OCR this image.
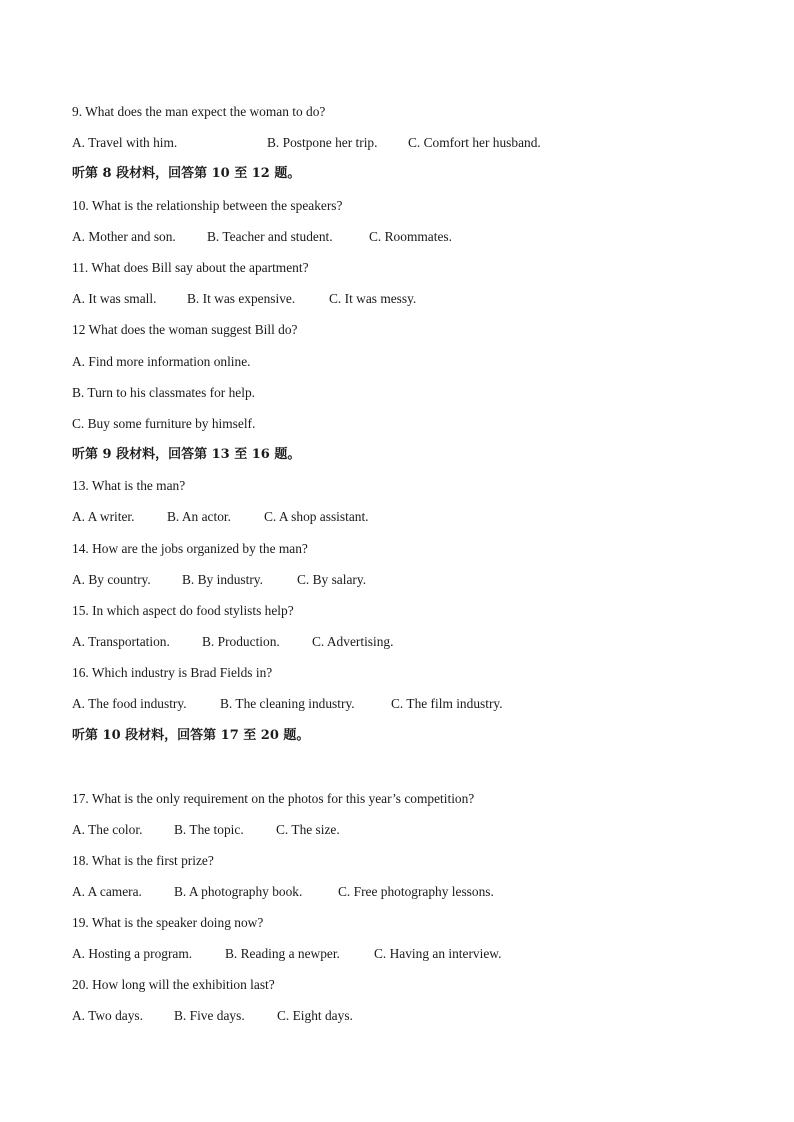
9. What does the man expect the woman to do?
A. Travel with him.	B. Postpone her trip. C. Comfort her husband.
听第 8 段材料，回答第 10 至 12 题。
10. What is the relationship between the speakers?
A. Mother and son. B. Teacher and student.	C. Roommates.
11. What does Bill say about the apartment?
A. It was small. B. It was expensive.	C. It was messy.
12 What does the woman suggest Bill do?
A. Find more information online.
B. Turn to his classmates for help.
C. Buy some furniture by himself.
听第 9 段材料，回答第 13 至 16 题。
13. What is the man?
A. A writer. B. An actor. C. A shop assistant.
14. How are the jobs organized by the man?
A. By country. B. By industry.	C. By salary.
15. In which aspect do food stylists help?
A. Transportation. B. Production. C. Advertising.
16. Which industry is Brad Fields in?
A. The food industry. B. The cleaning industry.	C. The film industry.
听第 10 段材料，回答第 17 至 20 题。
17. What is the only requirement on the photos for this year’s competition?
A. The color. B. The topic. C. The size.
18. What is the first prize?
A. A camera. B. A photography book.	C. Free photography lessons.
19. What is the speaker doing now?
A. Hosting a program. B. Reading a newper.	C. Having an interview.
20. How long will the exhibition last?
A. Two days. B. Five days. C. Eight days.
